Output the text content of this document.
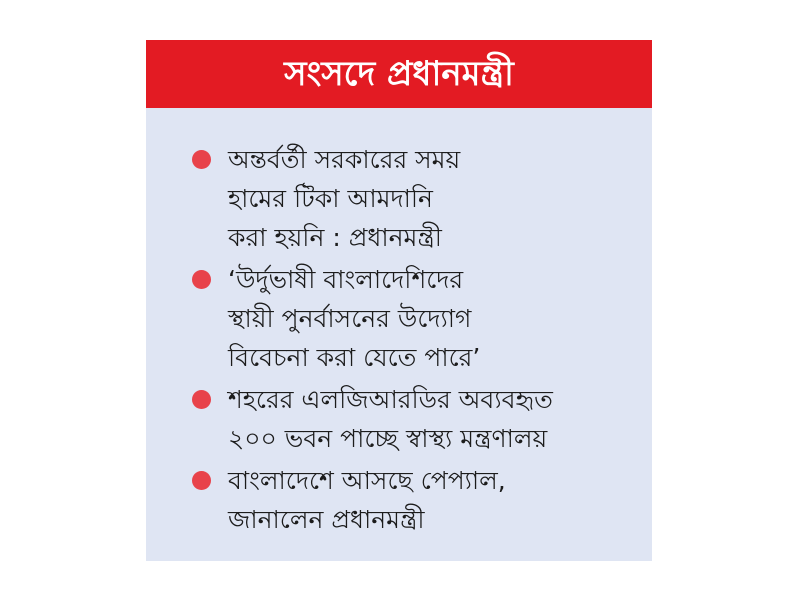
সংসদে প্রধানমন্ত্রী
অন্তর্বর্তী সরকারের সময়
হামের টিকা আমদানি
করা হয়নি : প্রধানমন্ত্রী
‘উর্দুভাষী বাংলাদেশিদের
স্থায়ী পুনর্বাসনের উদ্যোগ
বিবেচনা করা যেতে পারে’
শহরের এলজিআরডির অব্যবহৃত
২০০ ভবন পাচ্ছে স্বাস্থ্য মন্ত্রণালয়
বাংলাদেশে আসছে পেপ্যাল,
জানালেন প্রধানমন্ত্রী
